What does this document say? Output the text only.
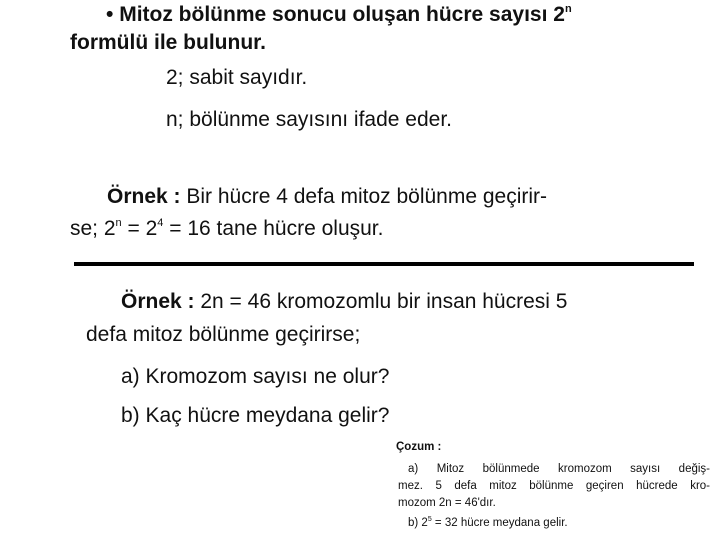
• Mitoz bölünme sonucu oluşan hücre sayısı 2$^n$
formülü ile bulunur.
2; sabit sayıdır.
n; bölünme sayısını ifade eder.
Örnek : Bir hücre 4 defa mitoz bölünme geçirir-
se; $2^n = 2^4 = 16$ tane hücre oluşur.
Örnek : 2n = 46 kromozomlu bir insan hücresi 5
defa mitoz bölünme geçirirse;
a) Kromozom sayısı ne olur?
b) Kaç hücre meydana gelir?
Çozum :
a) Mitoz bölünmede kromozom sayısı değiş-
mez. 5 defa mitoz bölünme geçiren hücrede kro-
mozom 2n = 46'dır.
b) $2^5 = 32$ hücre meydana gelir.
